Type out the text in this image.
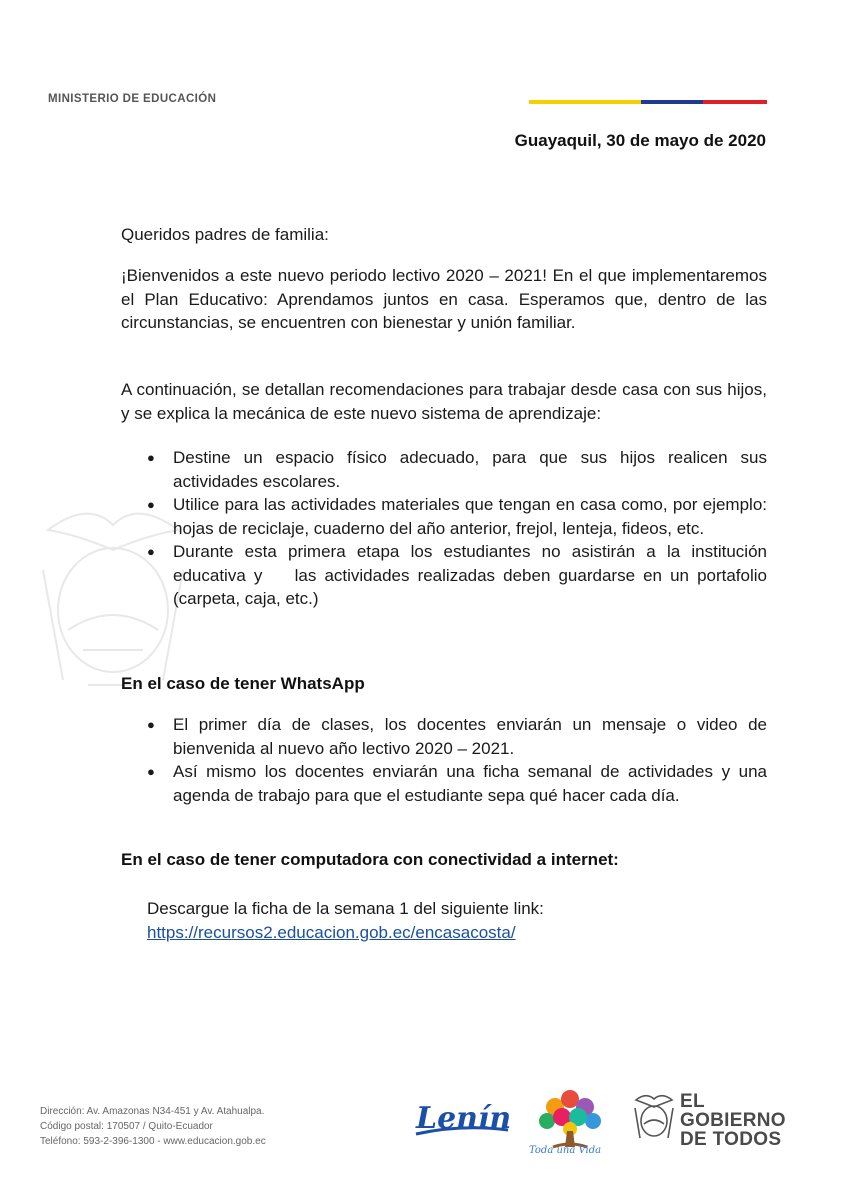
MINISTERIO DE EDUCACIÓN
Guayaquil, 30 de mayo de 2020
Queridos padres de familia:
¡Bienvenidos a este nuevo periodo lectivo 2020 – 2021! En el que implementaremos el Plan Educativo: Aprendamos juntos en casa. Esperamos que, dentro de las circunstancias, se encuentren con bienestar y unión familiar.
A continuación, se detallan recomendaciones para trabajar desde casa con sus hijos, y se explica la mecánica de este nuevo sistema de aprendizaje:
● Destine un espacio físico adecuado, para que sus hijos realicen sus actividades escolares.
● Utilice para las actividades materiales que tengan en casa como, por ejemplo: hojas de reciclaje, cuaderno del año anterior, frejol, lenteja, fideos, etc.
● Durante esta primera etapa los estudiantes no asistirán a la institución educativa y    las actividades realizadas deben guardarse en un portafolio (carpeta, caja, etc.)
En el caso de tener WhatsApp
● El primer día de clases, los docentes enviarán un mensaje o video de bienvenida al nuevo año lectivo 2020 – 2021.
● Así mismo los docentes enviarán una ficha semanal de actividades y una agenda de trabajo para que el estudiante sepa qué hacer cada día.
En el caso de tener computadora con conectividad a internet:
Descargue la ficha de la semana 1 del siguiente link:
https://recursos2.educacion.gob.ec/encasacosta/
Dirección: Av. Amazonas N34-451 y Av. Atahualpa.
Código postal: 170507 / Quito-Ecuador
Teléfono: 593-2-396-1300 - www.educacion.gob.ec
Lenín
Toda una Vida
EL
GOBIERNO
DE TODOS
